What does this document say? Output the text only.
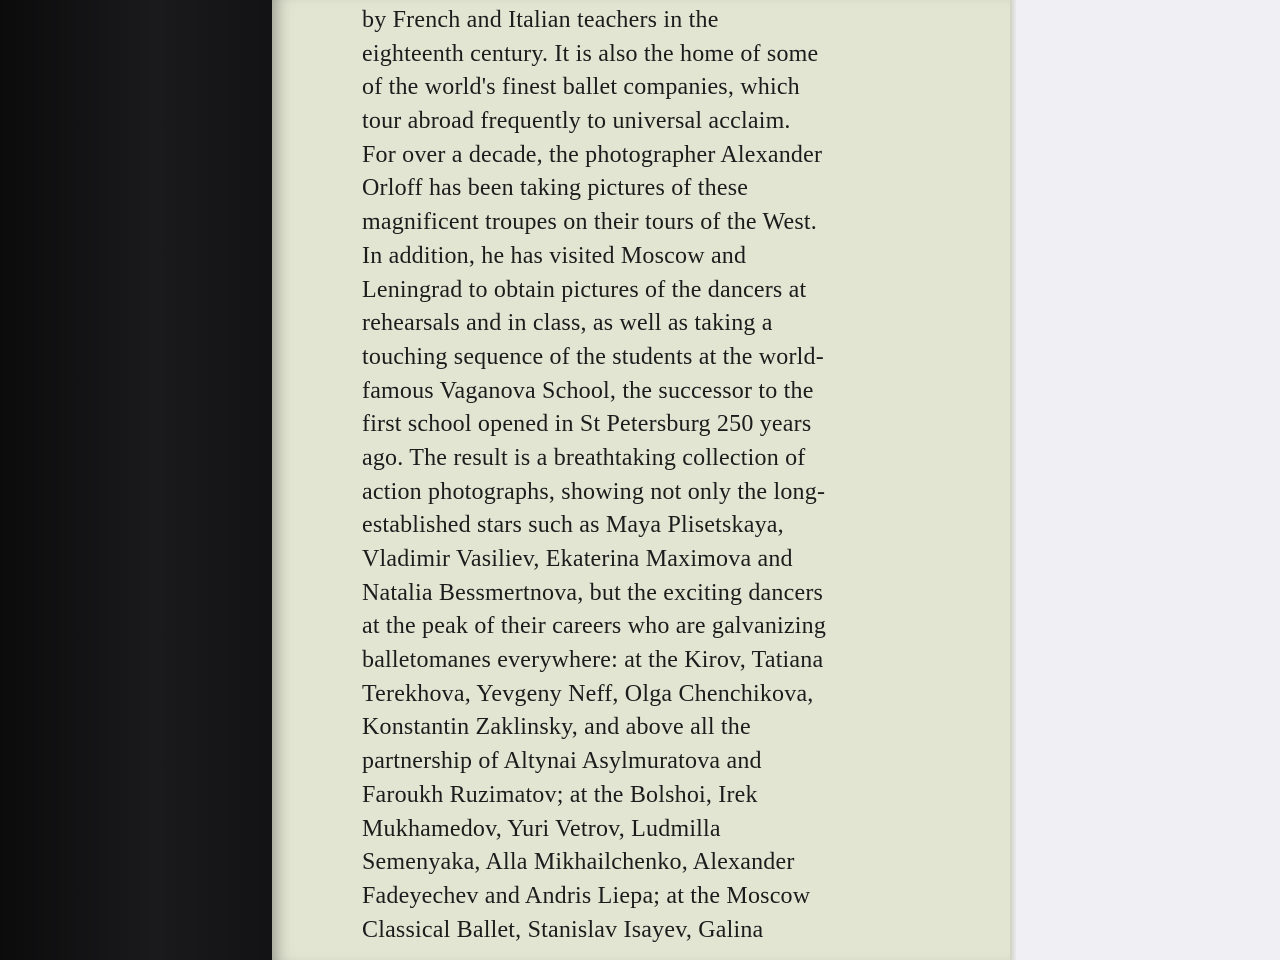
by French and Italian teachers in the
eighteenth century. It is also the home of some
of the world's finest ballet companies, which
tour abroad frequently to universal acclaim.
For over a decade, the photographer Alexander
Orloff has been taking pictures of these
magnificent troupes on their tours of the West.
In addition, he has visited Moscow and
Leningrad to obtain pictures of the dancers at
rehearsals and in class, as well as taking a
touching sequence of the students at the world-
famous Vaganova School, the successor to the
first school opened in St Petersburg 250 years
ago. The result is a breathtaking collection of
action photographs, showing not only the long-
established stars such as Maya Plisetskaya,
Vladimir Vasiliev, Ekaterina Maximova and
Natalia Bessmertnova, but the exciting dancers
at the peak of their careers who are galvanizing
balletomanes everywhere: at the Kirov, Tatiana
Terekhova, Yevgeny Neff, Olga Chenchikova,
Konstantin Zaklinsky, and above all the
partnership of Altynai Asylmuratova and
Faroukh Ruzimatov; at the Bolshoi, Irek
Mukhamedov, Yuri Vetrov, Ludmilla
Semenyaka, Alla Mikhailchenko, Alexander
Fadeyechev and Andris Liepa; at the Moscow
Classical Ballet, Stanislav Isayev, Galina
